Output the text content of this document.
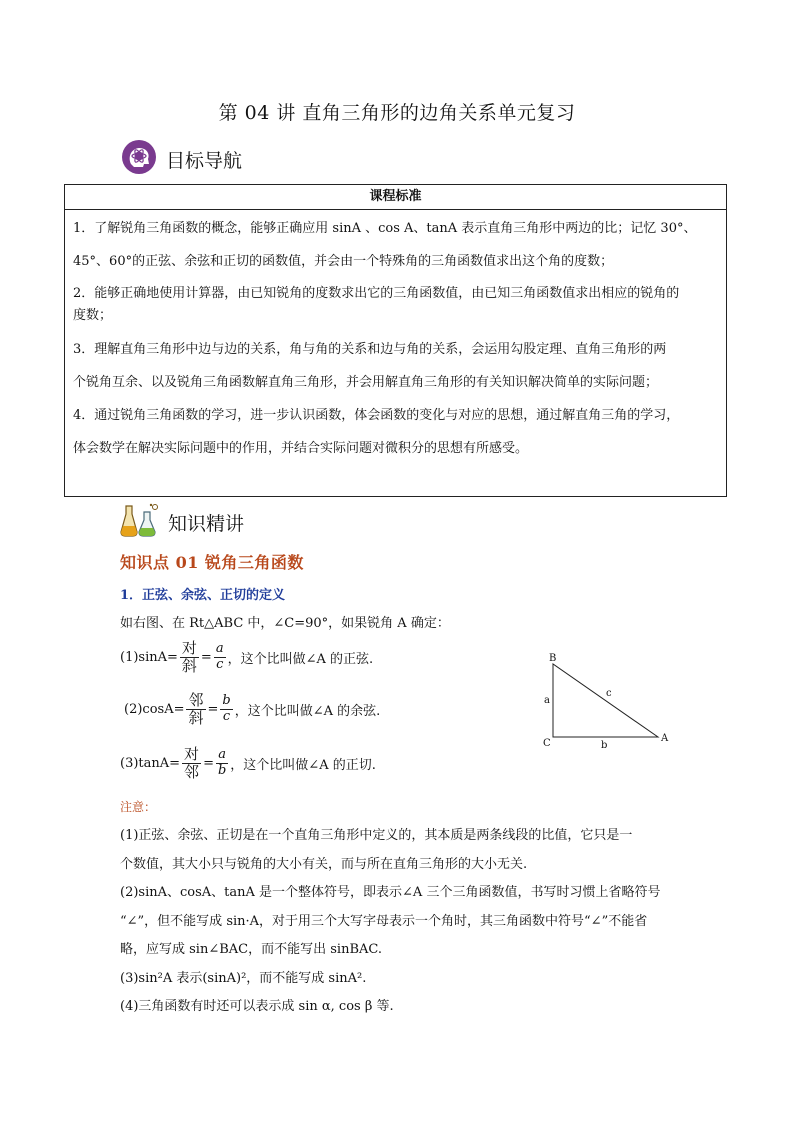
第 04 讲 直角三角形的边角关系单元复习
目标导航
课程标准

1．了解锐角三角函数的概念，能够正确应用 sinA 、cos A、tanA 表示直角三角形中两边的比；记忆 30°、

45°、60°的正弦、余弦和正切的函数值，并会由一个特殊角的三角函数值求出这个角的度数；

2．能够正确地使用计算器，由已知锐角的度数求出它的三角函数值，由已知三角函数值求出相应的锐角的

度数；

3．理解直角三角形中边与边的关系，角与角的关系和边与角的关系，会运用勾股定理、直角三角形的两

个锐角互余、以及锐角三角函数解直角三角形，并会用解直角三角形的有关知识解决简单的实际问题；

4．通过锐角三角函数的学习，进一步认识函数，体会函数的变化与对应的思想，通过解直角三角的学习，

体会数学在解决实际问题中的作用，并结合实际问题对微积分的思想有所感受。

知识精讲
知识点 01 锐角三角函数
1．正弦、余弦、正切的定义
如右图、在 Rt△ABC 中，∠C=90°，如果锐角 A 确定：
$(1)\sin A= \frac{\text{对}}{\text{斜}} = \frac{a}{c}$ ，这个比叫做∠A 的正弦.
$(2)\cos A= \frac{\text{邻}}{\text{斜}} = \frac{b}{c}$ ，这个比叫做∠A 的余弦.
$(3)\tan A= \frac{\text{对}}{\text{邻}} = \frac{a}{b}$ ，这个比叫做∠A 的正切.
B
C	A
a
b
c
注意：

(1)正弦、余弦、正切是在一个直角三角形中定义的，其本质是两条线段的比值，它只是一

个数值，其大小只与锐角的大小有关，而与所在直角三角形的大小无关.

(2)sinA、cosA、tanA 是一个整体符号，即表示∠A 三个三角函数值，书写时习惯上省略符号

“∠”，但不能写成 sin·A，对于用三个大写字母表示一个角时，其三角函数中符号“∠”不能省

略，应写成 sin∠BAC，而不能写出 sinBAC.

(3)sin²A 表示(sinA)²，而不能写成 sinA².

(4)三角函数有时还可以表示成 sin α, cos β 等.
